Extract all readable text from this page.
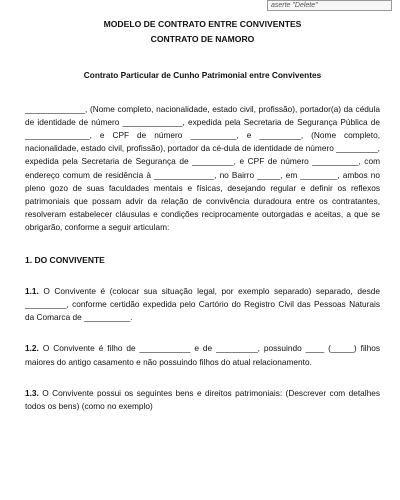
aserte "Delete"
MODELO DE CONTRATO ENTRE CONVIVENTES
CONTRATO DE NAMORO
Contrato Particular de Cunho Patrimonial entre Conviventes

_____________, (Nome completo, nacionalidade, estado civil, profissão), portador(a) da cédula de identidade de número _____________, expedida pela Secretaria de Segurança Pública de ______________, e CPF de número __________, e _________, (Nome completo, nacionalidade, estado civil, profissão), portador da cé-dula de identidade de número _________, expedida pela Secretaria de Segurança de _________, e CPF de número __________, com endereço comum de residência à _____________, no Bairro _____, em ________, ambos no pleno gozo de suas faculdades mentais e físicas, desejando regular e definir os reflexos patrimoniais que possam advir da relação de convivência duradoura entre os contratantes, resolveram estabelecer cláusulas e condições reciprocamente outorgadas e aceitas, a que se obrigarão, conforme a seguir articulam:

1. DO CONVIVENTE

1.1. O Convivente é (colocar sua situação legal, por exemplo separado) separado, desde _________, conforme certidão expedida pelo Cartório do Registro Civil das Pessoas Naturais da Comarca de __________.

1.2. O Convivente é filho de ___________ e de _________, possuindo ____ (_____) filhos maiores do antigo casamento e não possuindo filhos do atual relacionamento.

1.3. O Convivente possui os seguintes bens e direitos patrimoniais: (Descrever com detalhes todos os bens) (como no exemplo)
